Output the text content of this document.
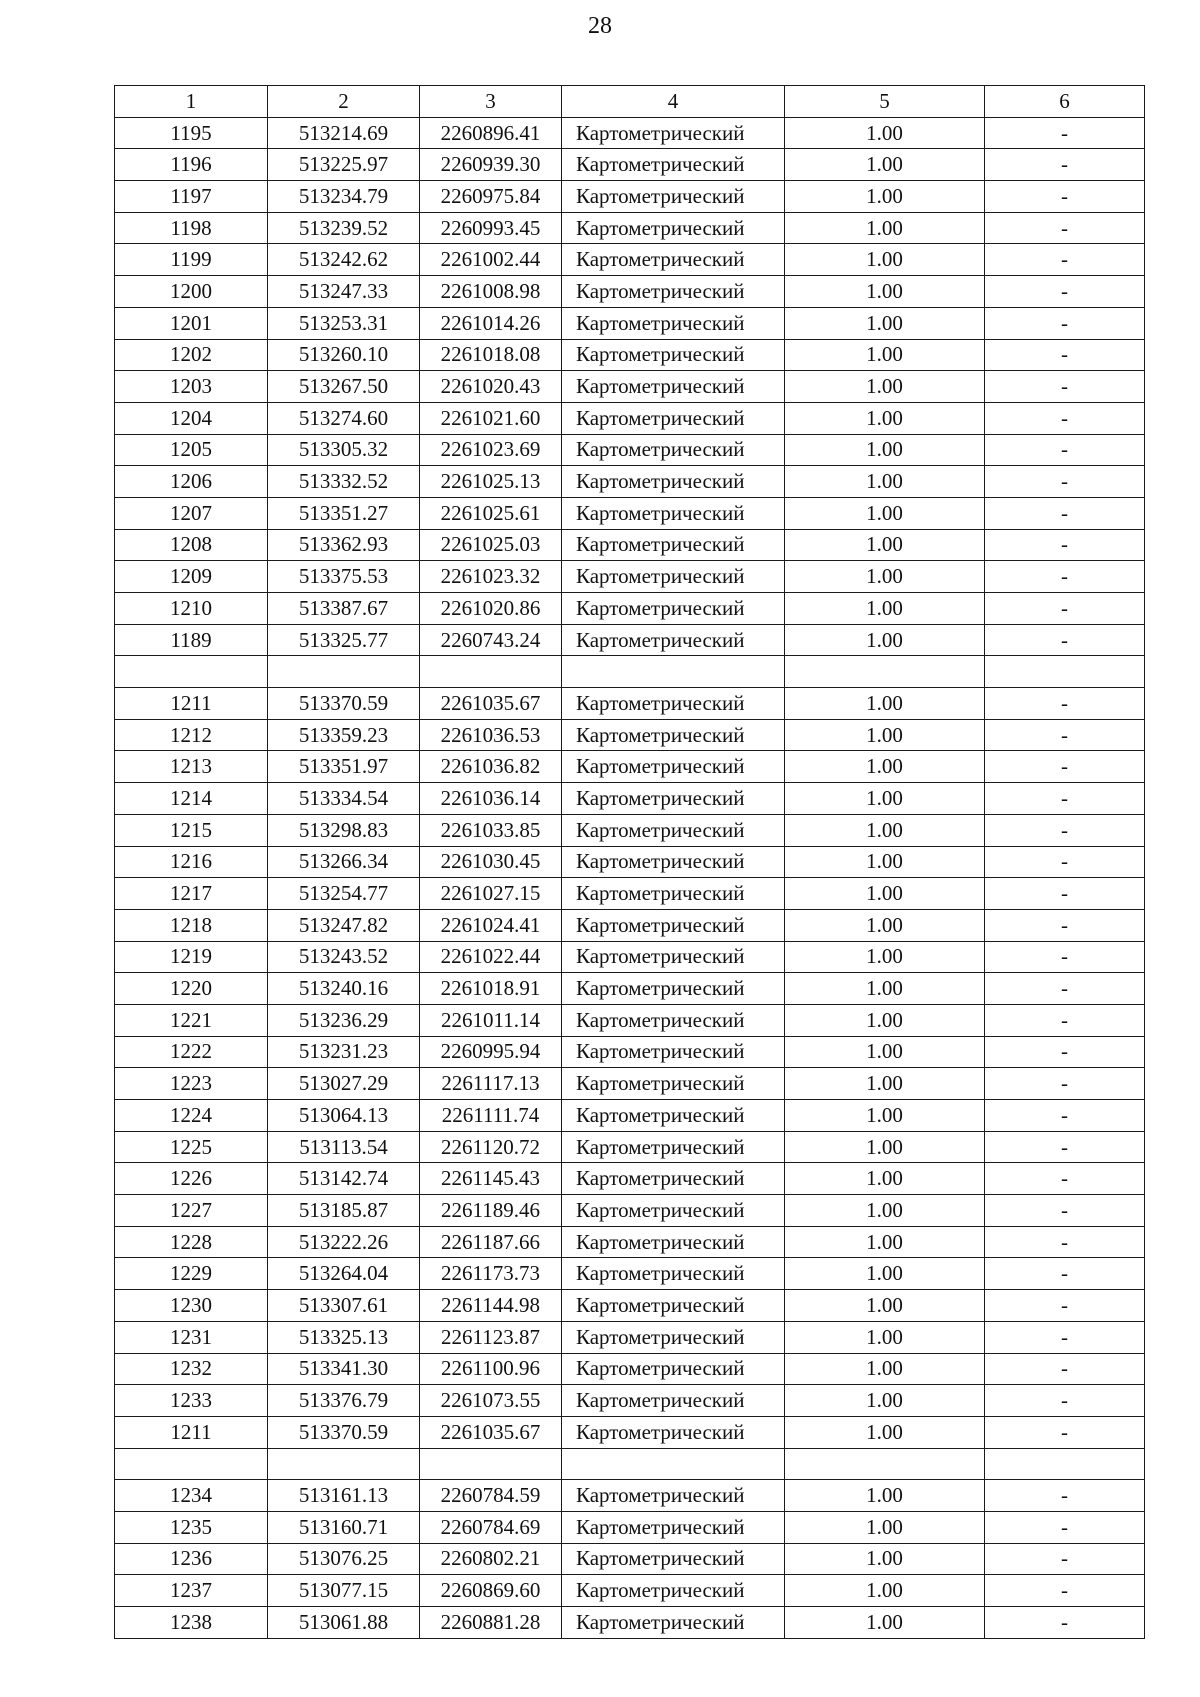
28
1	2	3	4	5	6
1195	513214.69	2260896.41	Картометрический	1.00	-
1196	513225.97	2260939.30	Картометрический	1.00	-
1197	513234.79	2260975.84	Картометрический	1.00	-
1198	513239.52	2260993.45	Картометрический	1.00	-
1199	513242.62	2261002.44	Картометрический	1.00	-
1200	513247.33	2261008.98	Картометрический	1.00	-
1201	513253.31	2261014.26	Картометрический	1.00	-
1202	513260.10	2261018.08	Картометрический	1.00	-
1203	513267.50	2261020.43	Картометрический	1.00	-
1204	513274.60	2261021.60	Картометрический	1.00	-
1205	513305.32	2261023.69	Картометрический	1.00	-
1206	513332.52	2261025.13	Картометрический	1.00	-
1207	513351.27	2261025.61	Картометрический	1.00	-
1208	513362.93	2261025.03	Картометрический	1.00	-
1209	513375.53	2261023.32	Картометрический	1.00	-
1210	513387.67	2261020.86	Картометрический	1.00	-
1189	513325.77	2260743.24	Картометрический	1.00	-

1211	513370.59	2261035.67	Картометрический	1.00	-
1212	513359.23	2261036.53	Картометрический	1.00	-
1213	513351.97	2261036.82	Картометрический	1.00	-
1214	513334.54	2261036.14	Картометрический	1.00	-
1215	513298.83	2261033.85	Картометрический	1.00	-
1216	513266.34	2261030.45	Картометрический	1.00	-
1217	513254.77	2261027.15	Картометрический	1.00	-
1218	513247.82	2261024.41	Картометрический	1.00	-
1219	513243.52	2261022.44	Картометрический	1.00	-
1220	513240.16	2261018.91	Картометрический	1.00	-
1221	513236.29	2261011.14	Картометрический	1.00	-
1222	513231.23	2260995.94	Картометрический	1.00	-
1223	513027.29	2261117.13	Картометрический	1.00	-
1224	513064.13	2261111.74	Картометрический	1.00	-
1225	513113.54	2261120.72	Картометрический	1.00	-
1226	513142.74	2261145.43	Картометрический	1.00	-
1227	513185.87	2261189.46	Картометрический	1.00	-
1228	513222.26	2261187.66	Картометрический	1.00	-
1229	513264.04	2261173.73	Картометрический	1.00	-
1230	513307.61	2261144.98	Картометрический	1.00	-
1231	513325.13	2261123.87	Картометрический	1.00	-
1232	513341.30	2261100.96	Картометрический	1.00	-
1233	513376.79	2261073.55	Картометрический	1.00	-
1211	513370.59	2261035.67	Картометрический	1.00	-

1234	513161.13	2260784.59	Картометрический	1.00	-
1235	513160.71	2260784.69	Картометрический	1.00	-
1236	513076.25	2260802.21	Картометрический	1.00	-
1237	513077.15	2260869.60	Картометрический	1.00	-
1238	513061.88	2260881.28	Картометрический	1.00	-
